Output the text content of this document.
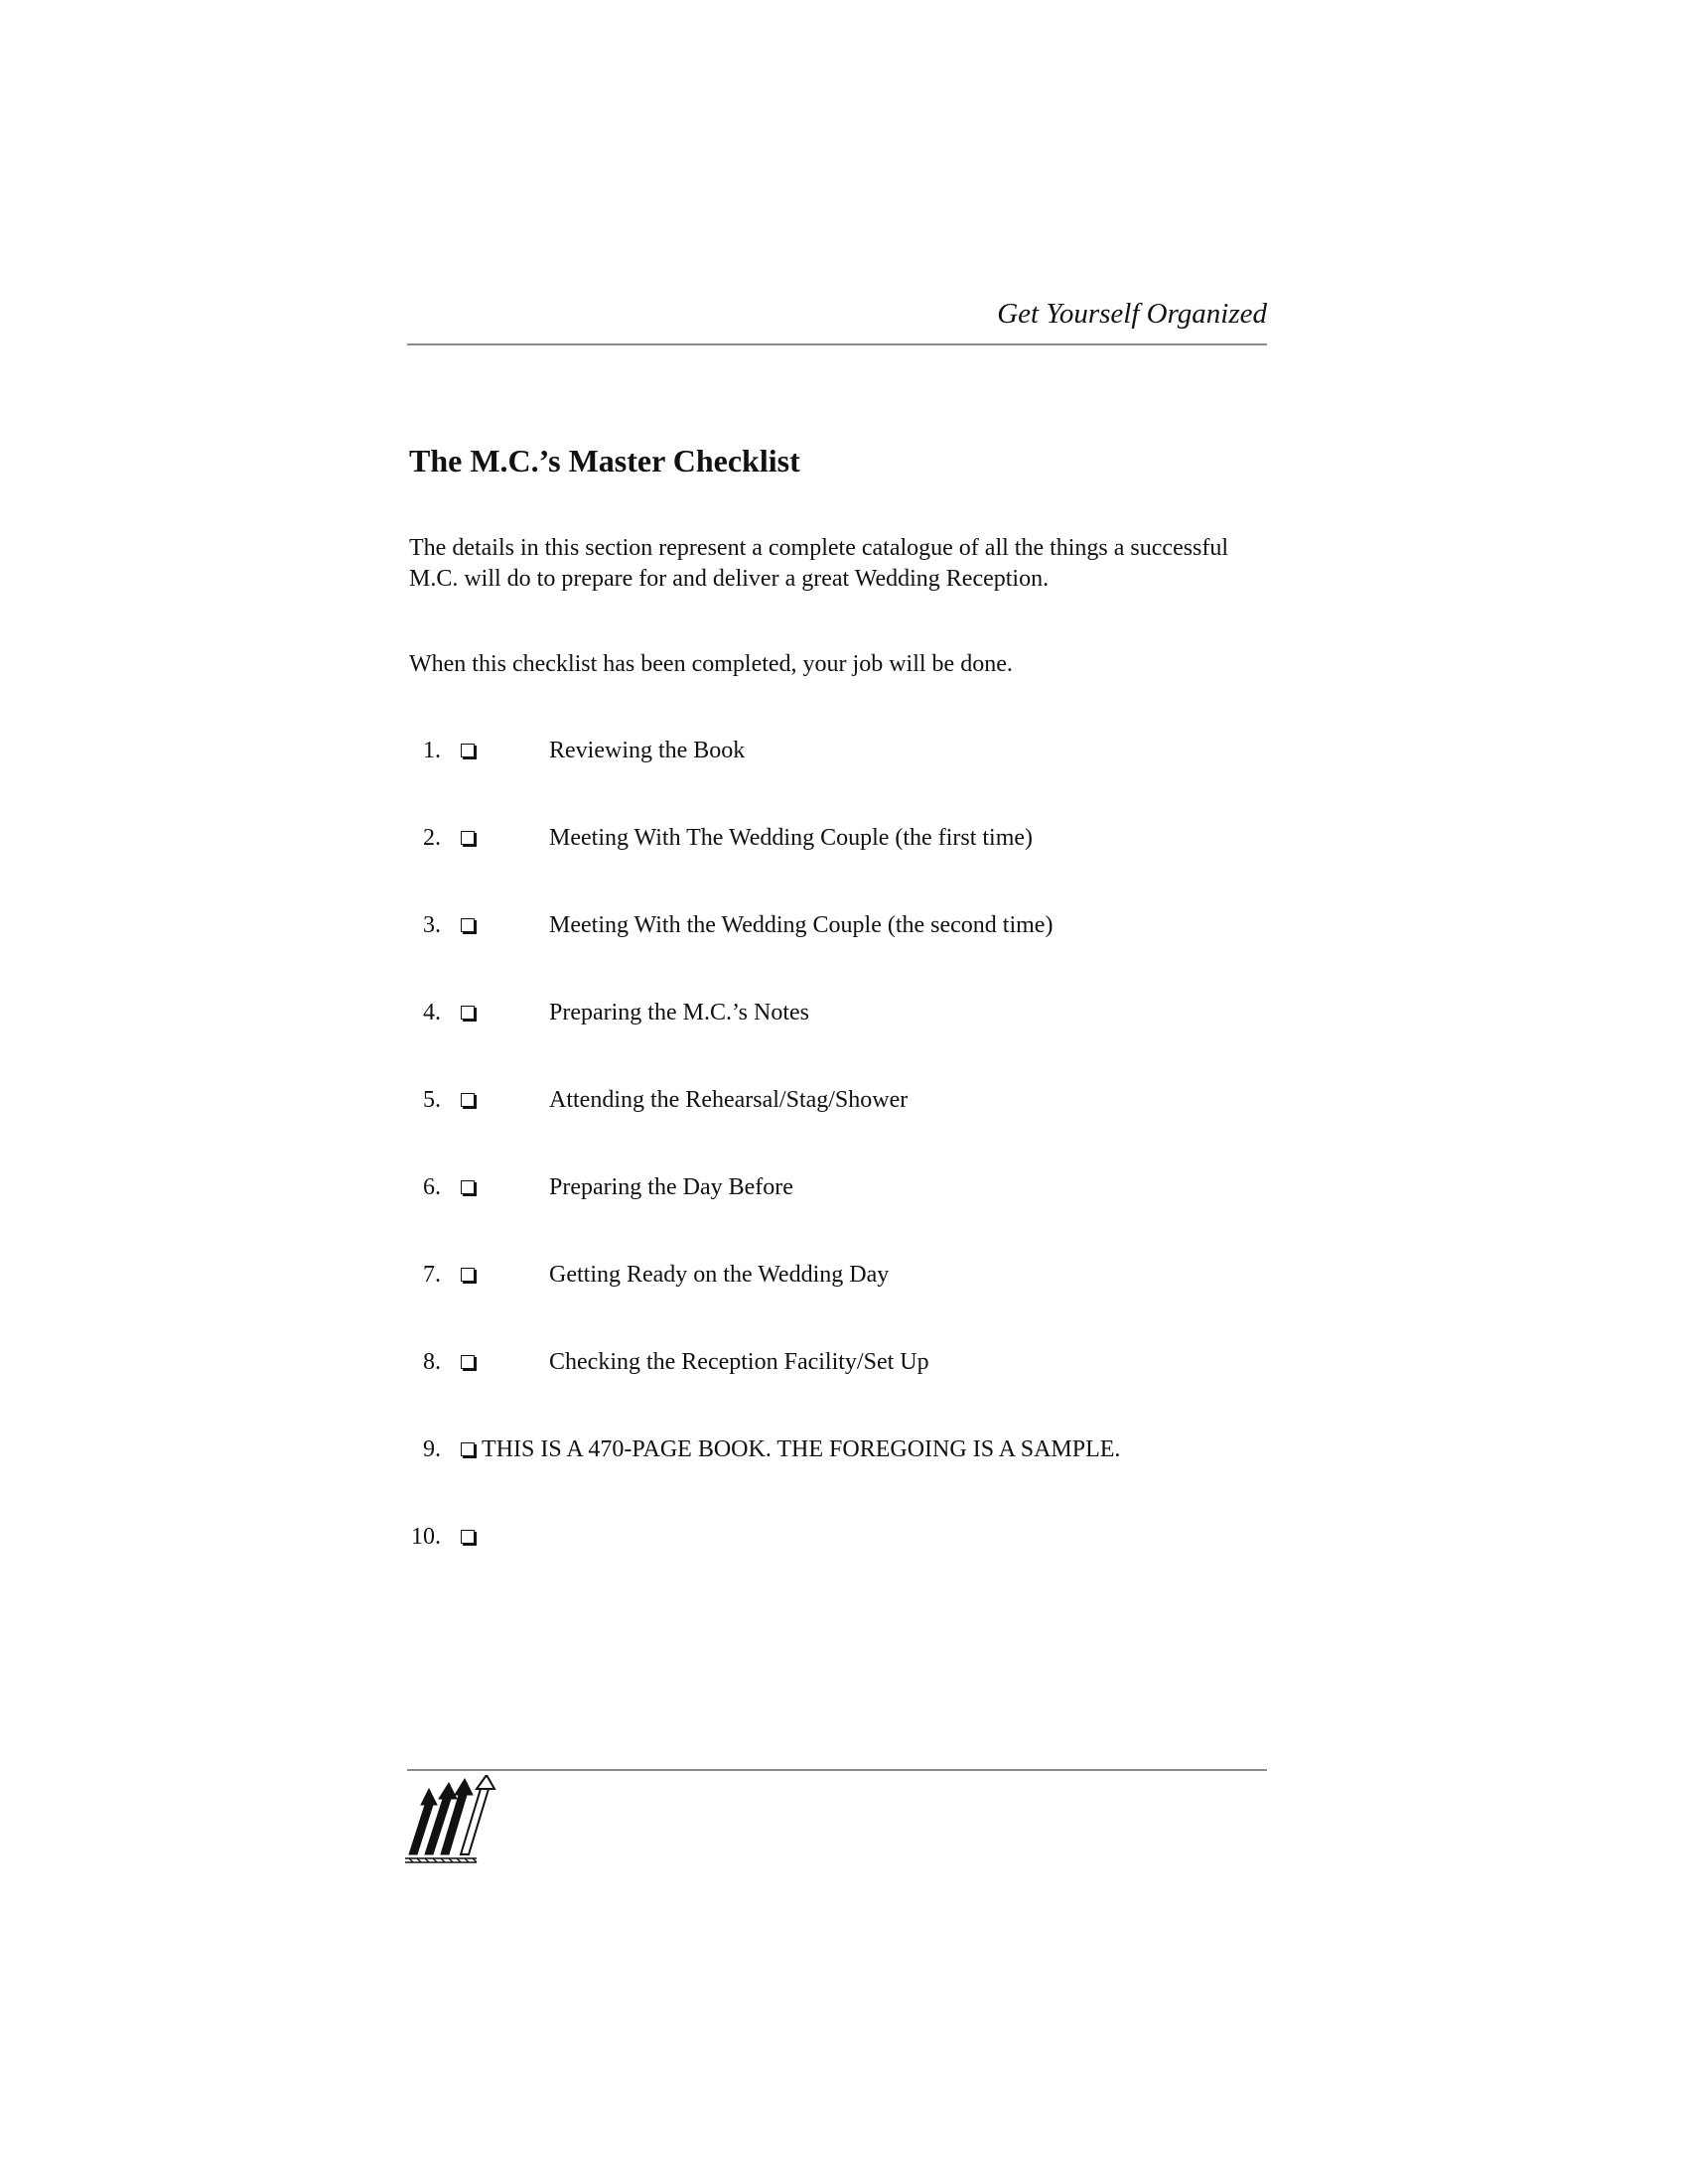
Get Yourself Organized
The M.C.’s Master Checklist

The details in this section represent a complete catalogue of all the things a successful M.C. will do to prepare for and deliver a great Wedding Reception.

When this checklist has been completed, your job will be done.

1.	Reviewing the Book
2.	Meeting With The Wedding Couple (the first time)
3.	Meeting With the Wedding Couple (the second time)
4.	Preparing the M.C.’s Notes
5.	Attending the Rehearsal/Stag/Shower
6.	Preparing the Day Before
7.	Getting Ready on the Wedding Day
8.	Checking the Reception Facility/Set Up
9. THIS IS A 470-PAGE BOOK. THE FOREGOING IS A SAMPLE.
10.
